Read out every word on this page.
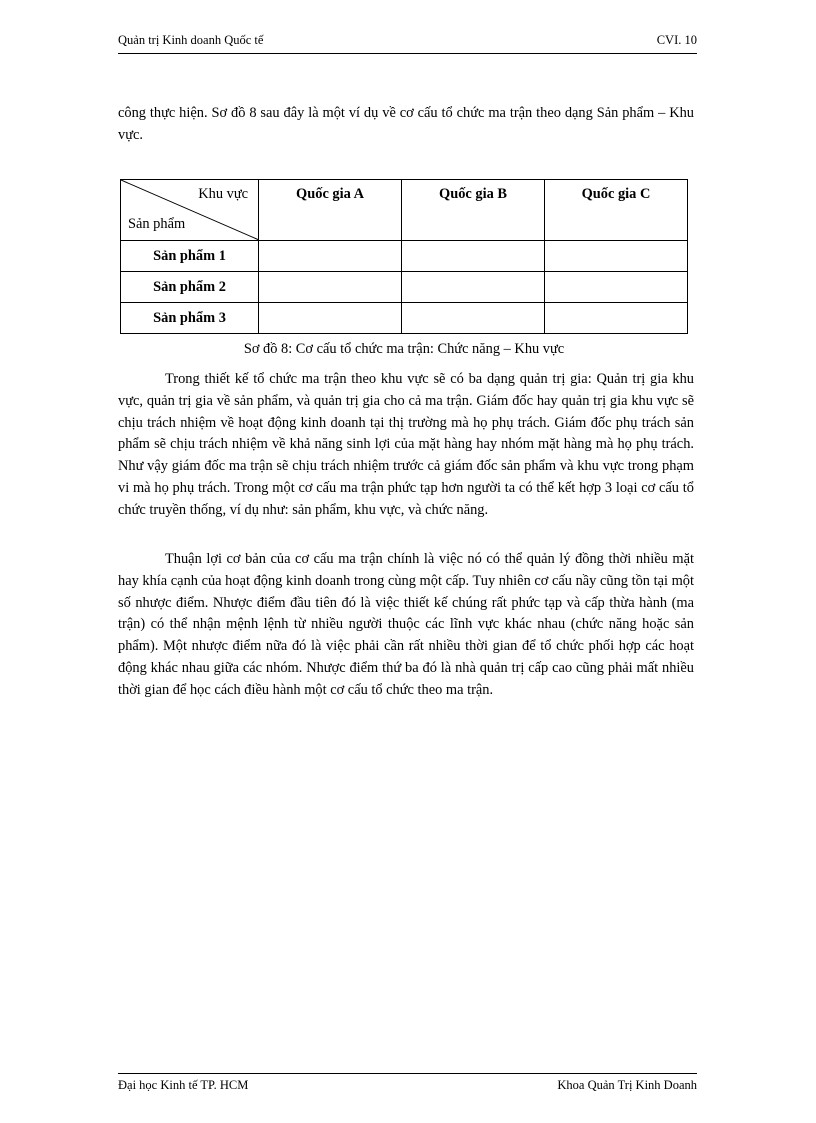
Quản trị Kinh doanh Quốc tế	CVI. 10

công thực hiện. Sơ đồ 8 sau đây là một ví dụ về cơ cấu tổ chức ma trận theo dạng Sản phẩm – Khu vực.

Khu vực
Sản phẩm	Quốc gia A	Quốc gia B	Quốc gia C
Sản phẩm 1			
Sản phẩm 2			
Sản phẩm 3			
Sơ đồ 8: Cơ cấu tổ chức ma trận: Chức năng – Khu vực

Trong thiết kế tổ chức ma trận theo khu vực sẽ có ba dạng quản trị gia: Quản trị gia khu vực, quản trị gia về sản phẩm, và quản trị gia cho cả ma trận. Giám đốc hay quản trị gia khu vực sẽ chịu trách nhiệm về hoạt động kinh doanh tại thị trường mà họ phụ trách. Giám đốc phụ trách sản phẩm sẽ chịu trách nhiệm về khả năng sinh lợi của mặt hàng hay nhóm mặt hàng mà họ phụ trách. Như vậy giám đốc ma trận sẽ chịu trách nhiệm trước cả giám đốc sản phẩm và khu vực trong phạm vi mà họ phụ trách. Trong một cơ cấu ma trận phức tạp hơn người ta có thể kết hợp 3 loại cơ cấu tổ chức truyền thống, ví dụ như: sản phẩm, khu vực, và chức năng.

Thuận lợi cơ bản của cơ cấu ma trận chính là việc nó có thể quản lý đồng thời nhiều mặt hay khía cạnh của hoạt động kinh doanh trong cùng một cấp. Tuy nhiên cơ cấu nầy cũng tồn tại một số nhược điểm. Nhược điểm đầu tiên đó là việc thiết kế chúng rất phức tạp và cấp thừa hành (ma trận) có thể nhận mệnh lệnh từ nhiều người thuộc các lĩnh vực khác nhau (chức năng hoặc sản phẩm). Một nhược điểm nữa đó là việc phải cần rất nhiều thời gian để tổ chức phối hợp các hoạt động khác nhau giữa các nhóm. Nhược điểm thứ ba đó là nhà quản trị cấp cao cũng phải mất nhiều thời gian để học cách điều hành một cơ cấu tổ chức theo ma trận.

Đại học Kinh tế TP. HCM	Khoa Quản Trị Kinh Doanh
